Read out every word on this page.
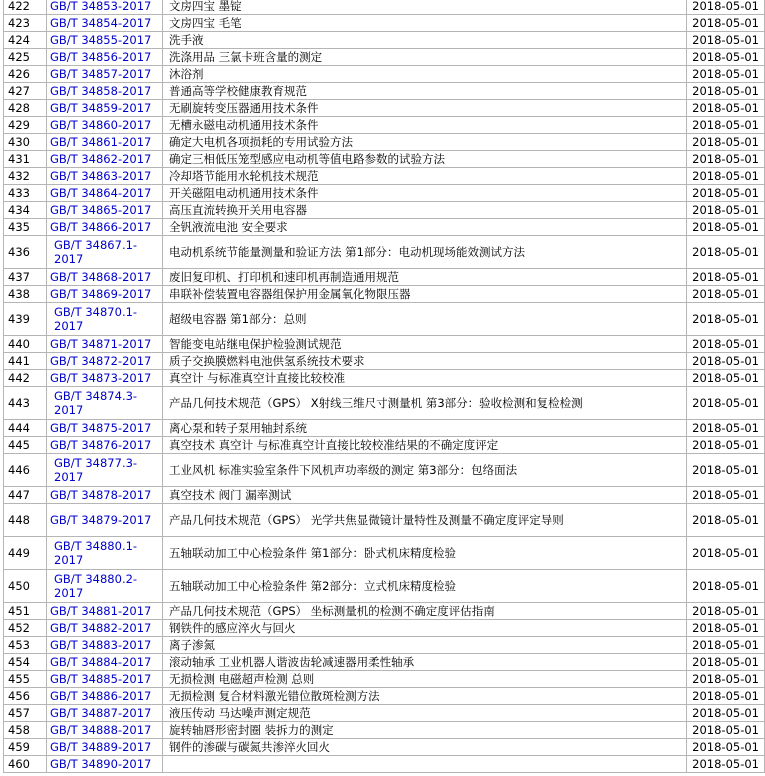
422	GB/T 34853-2017	文房四宝 墨锭	2018-05-01
423	GB/T 34854-2017	文房四宝 毛笔	2018-05-01
424	GB/T 34855-2017	洗手液	2018-05-01
425	GB/T 34856-2017	洗涤用品 三氯卡班含量的测定	2018-05-01
426	GB/T 34857-2017	沐浴剂	2018-05-01
427	GB/T 34858-2017	普通高等学校健康教育规范	2018-05-01
428	GB/T 34859-2017	无刷旋转变压器通用技术条件	2018-05-01
429	GB/T 34860-2017	无槽永磁电动机通用技术条件	2018-05-01
430	GB/T 34861-2017	确定大电机各项损耗的专用试验方法	2018-05-01
431	GB/T 34862-2017	确定三相低压笼型感应电动机等值电路参数的试验方法	2018-05-01
432	GB/T 34863-2017	冷却塔节能用水轮机技术规范	2018-05-01
433	GB/T 34864-2017	开关磁阻电动机通用技术条件	2018-05-01
434	GB/T 34865-2017	高压直流转换开关用电容器	2018-05-01
435	GB/T 34866-2017	全钒液流电池 安全要求	2018-05-01
436	GB/T 34867.1-2017	电动机系统节能量测量和验证方法 第1部分：电动机现场能效测试方法	2018-05-01
437	GB/T 34868-2017	废旧复印机、打印机和速印机再制造通用规范	2018-05-01
438	GB/T 34869-2017	串联补偿装置电容器组保护用金属氧化物限压器	2018-05-01
439	GB/T 34870.1-2017	超级电容器 第1部分：总则	2018-05-01
440	GB/T 34871-2017	智能变电站继电保护检验测试规范	2018-05-01
441	GB/T 34872-2017	质子交换膜燃料电池供氢系统技术要求	2018-05-01
442	GB/T 34873-2017	真空计 与标准真空计直接比较校准	2018-05-01
443	GB/T 34874.3-2017	产品几何技术规范（GPS） X射线三维尺寸测量机 第3部分：验收检测和复检检测	2018-05-01
444	GB/T 34875-2017	离心泵和转子泵用轴封系统	2018-05-01
445	GB/T 34876-2017	真空技术 真空计 与标准真空计直接比较校准结果的不确定度评定	2018-05-01
446	GB/T 34877.3-2017	工业风机 标准实验室条件下风机声功率级的测定 第3部分：包络面法	2018-05-01
447	GB/T 34878-2017	真空技术 阀门 漏率测试	2018-05-01
448	GB/T 34879-2017	产品几何技术规范（GPS） 光学共焦显微镜计量特性及测量不确定度评定导则	2018-05-01
449	GB/T 34880.1-2017	五轴联动加工中心检验条件 第1部分：卧式机床精度检验	2018-05-01
450	GB/T 34880.2-2017	五轴联动加工中心检验条件 第2部分：立式机床精度检验	2018-05-01
451	GB/T 34881-2017	产品几何技术规范（GPS） 坐标测量机的检测不确定度评估指南	2018-05-01
452	GB/T 34882-2017	钢铁件的感应淬火与回火	2018-05-01
453	GB/T 34883-2017	离子渗氮	2018-05-01
454	GB/T 34884-2017	滚动轴承 工业机器人谐波齿轮减速器用柔性轴承	2018-05-01
455	GB/T 34885-2017	无损检测 电磁超声检测 总则	2018-05-01
456	GB/T 34886-2017	无损检测 复合材料激光错位散斑检测方法	2018-05-01
457	GB/T 34887-2017	液压传动 马达噪声测定规范	2018-05-01
458	GB/T 34888-2017	旋转轴唇形密封圈 装拆力的测定	2018-05-01
459	GB/T 34889-2017	钢件的渗碳与碳氮共渗淬火回火	2018-05-01
460	GB/T 34890-2017		2018-05-01
